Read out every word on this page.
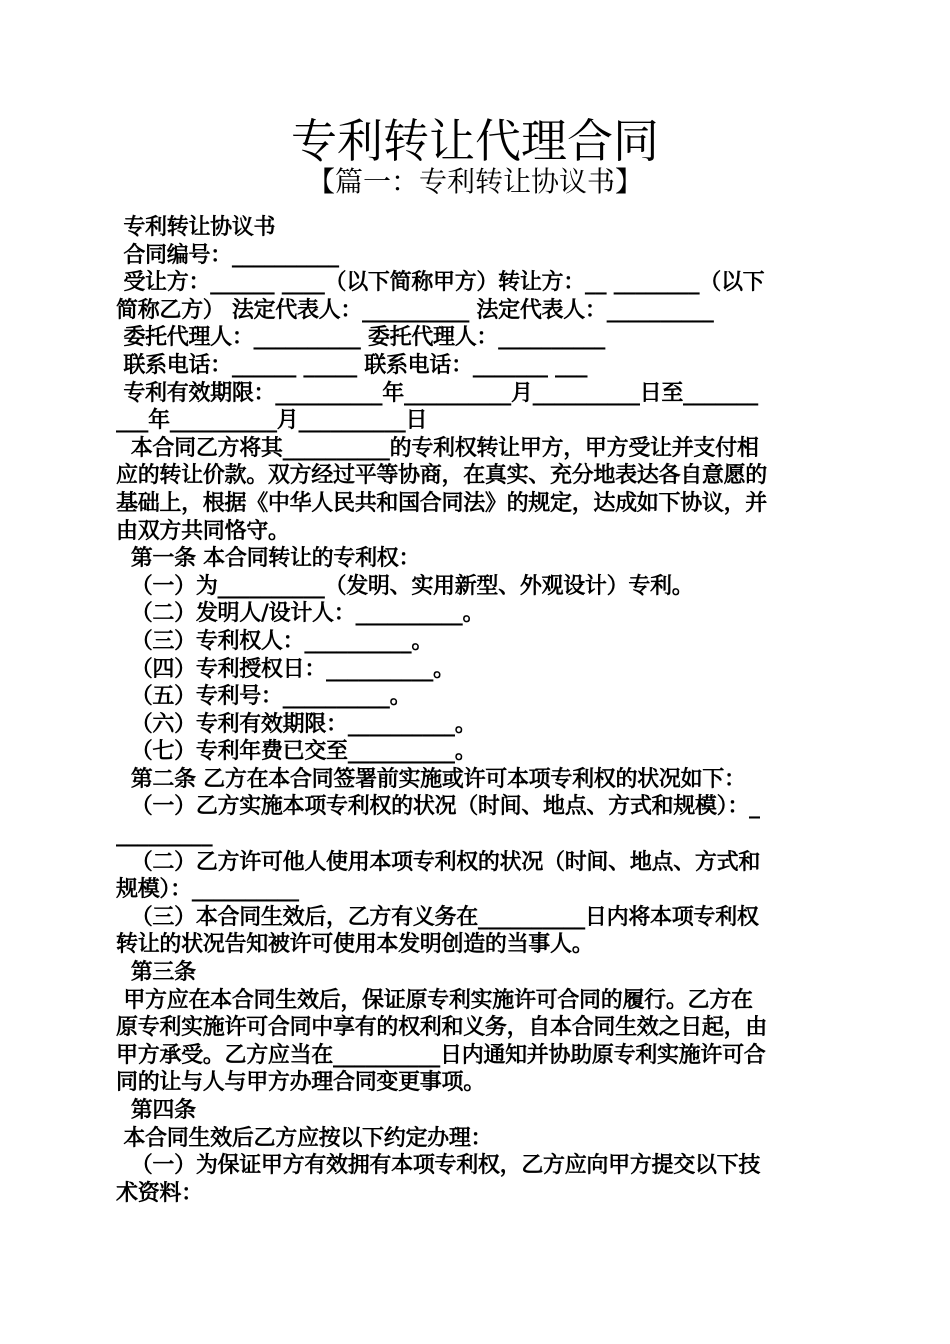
专利转让代理合同
【篇一：专利转让协议书】
专利转让协议书
合同编号：__________
受让方：______ ____（以下简称甲方）转让方：__ ________（以下
简称乙方） 法定代表人：__________ 法定代表人：__________
委托代理人：__________ 委托代理人：__________
联系电话：______ _____ 联系电话：_______ ___
专利有效期限：__________年__________月__________日至_______
___年__________月__________日
本合同乙方将其__________的专利权转让甲方，甲方受让并支付相
应的转让价款。双方经过平等协商，在真实、充分地表达各自意愿的
基础上，根据《中华人民共和国合同法》的规定，达成如下协议，并
由双方共同恪守。
第一条 本合同转让的专利权：
（一）为__________（发明、实用新型、外观设计）专利。
（二）发明人/设计人：__________。
（三）专利权人：__________。
（四）专利授权日：__________。
（五）专利号：__________。
（六）专利有效期限：__________。
（七）专利年费已交至__________。
第二条 乙方在本合同签署前实施或许可本项专利权的状况如下：
（一）乙方实施本项专利权的状况（时间、地点、方式和规模）：_
_________
（二）乙方许可他人使用本项专利权的状况（时间、地点、方式和
规模）：__________
（三）本合同生效后，乙方有义务在__________日内将本项专利权
转让的状况告知被许可使用本发明创造的当事人。
第三条
甲方应在本合同生效后，保证原专利实施许可合同的履行。乙方在
原专利实施许可合同中享有的权利和义务，自本合同生效之日起，由
甲方承受。乙方应当在__________日内通知并协助原专利实施许可合
同的让与人与甲方办理合同变更事项。
第四条
本合同生效后乙方应按以下约定办理：
（一）为保证甲方有效拥有本项专利权，乙方应向甲方提交以下技
术资料：
